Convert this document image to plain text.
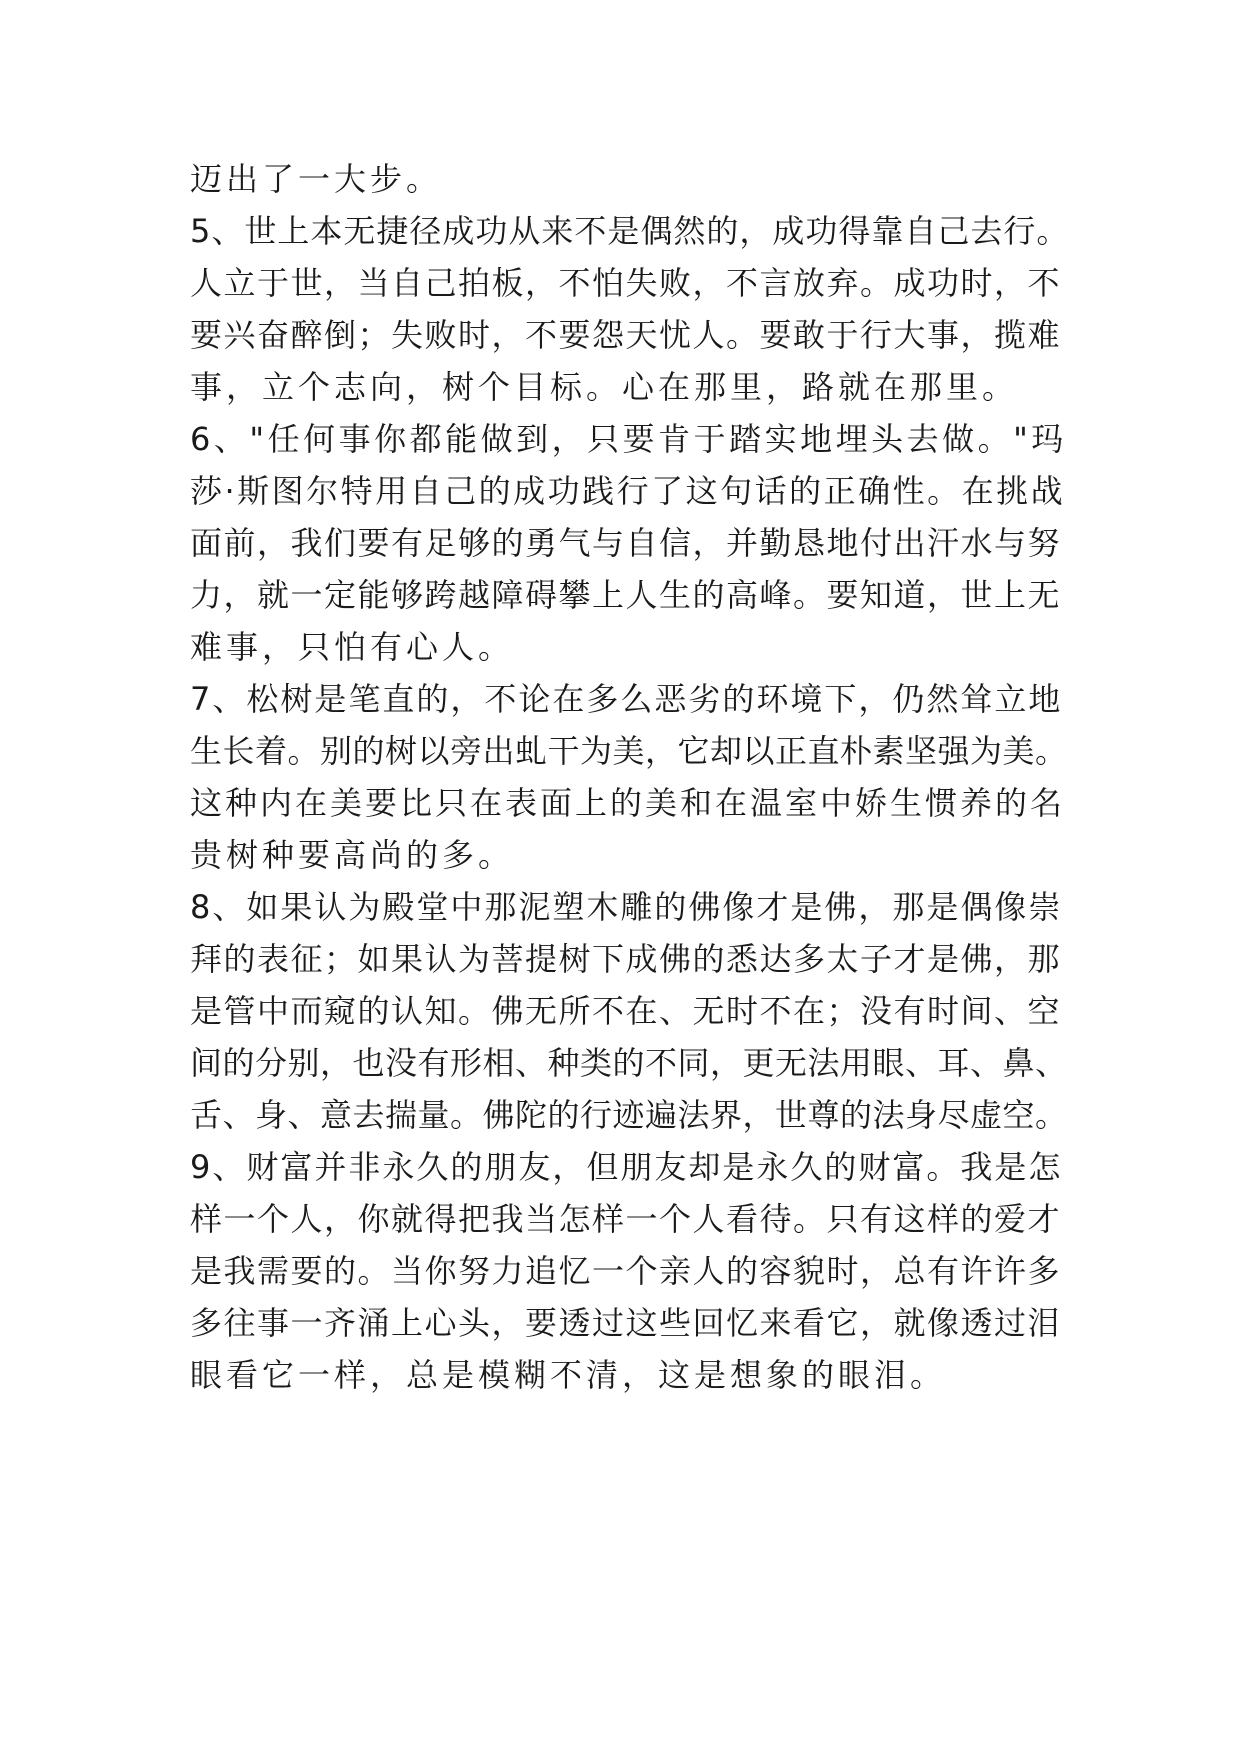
迈出了一大步。
5、世上本无捷径成功从来不是偶然的，成功得靠自己去行。
人立于世，当自己拍板，不怕失败，不言放弃。成功时，不
要兴奋醉倒；失败时，不要怨天忧人。要敢于行大事，揽难
事，立个志向，树个目标。心在那里，路就在那里。
6、"任何事你都能做到，只要肯于踏实地埋头去做。"玛
莎·斯图尔特用自己的成功践行了这句话的正确性。在挑战
面前，我们要有足够的勇气与自信，并勤恳地付出汗水与努
力，就一定能够跨越障碍攀上人生的高峰。要知道，世上无
难事，只怕有心人。
7、松树是笔直的，不论在多么恶劣的环境下，仍然耸立地
生长着。别的树以旁出虬干为美，它却以正直朴素坚强为美。
这种内在美要比只在表面上的美和在温室中娇生惯养的名
贵树种要高尚的多。
8、如果认为殿堂中那泥塑木雕的佛像才是佛，那是偶像崇
拜的表征；如果认为菩提树下成佛的悉达多太子才是佛，那
是管中而窥的认知。佛无所不在、无时不在；没有时间、空
间的分别，也没有形相、种类的不同，更无法用眼、耳、鼻、
舌、身、意去揣量。佛陀的行迹遍法界，世尊的法身尽虚空。
9、财富并非永久的朋友，但朋友却是永久的财富。我是怎
样一个人，你就得把我当怎样一个人看待。只有这样的爱才
是我需要的。当你努力追忆一个亲人的容貌时，总有许许多
多往事一齐涌上心头，要透过这些回忆来看它，就像透过泪
眼看它一样，总是模糊不清，这是想象的眼泪。
